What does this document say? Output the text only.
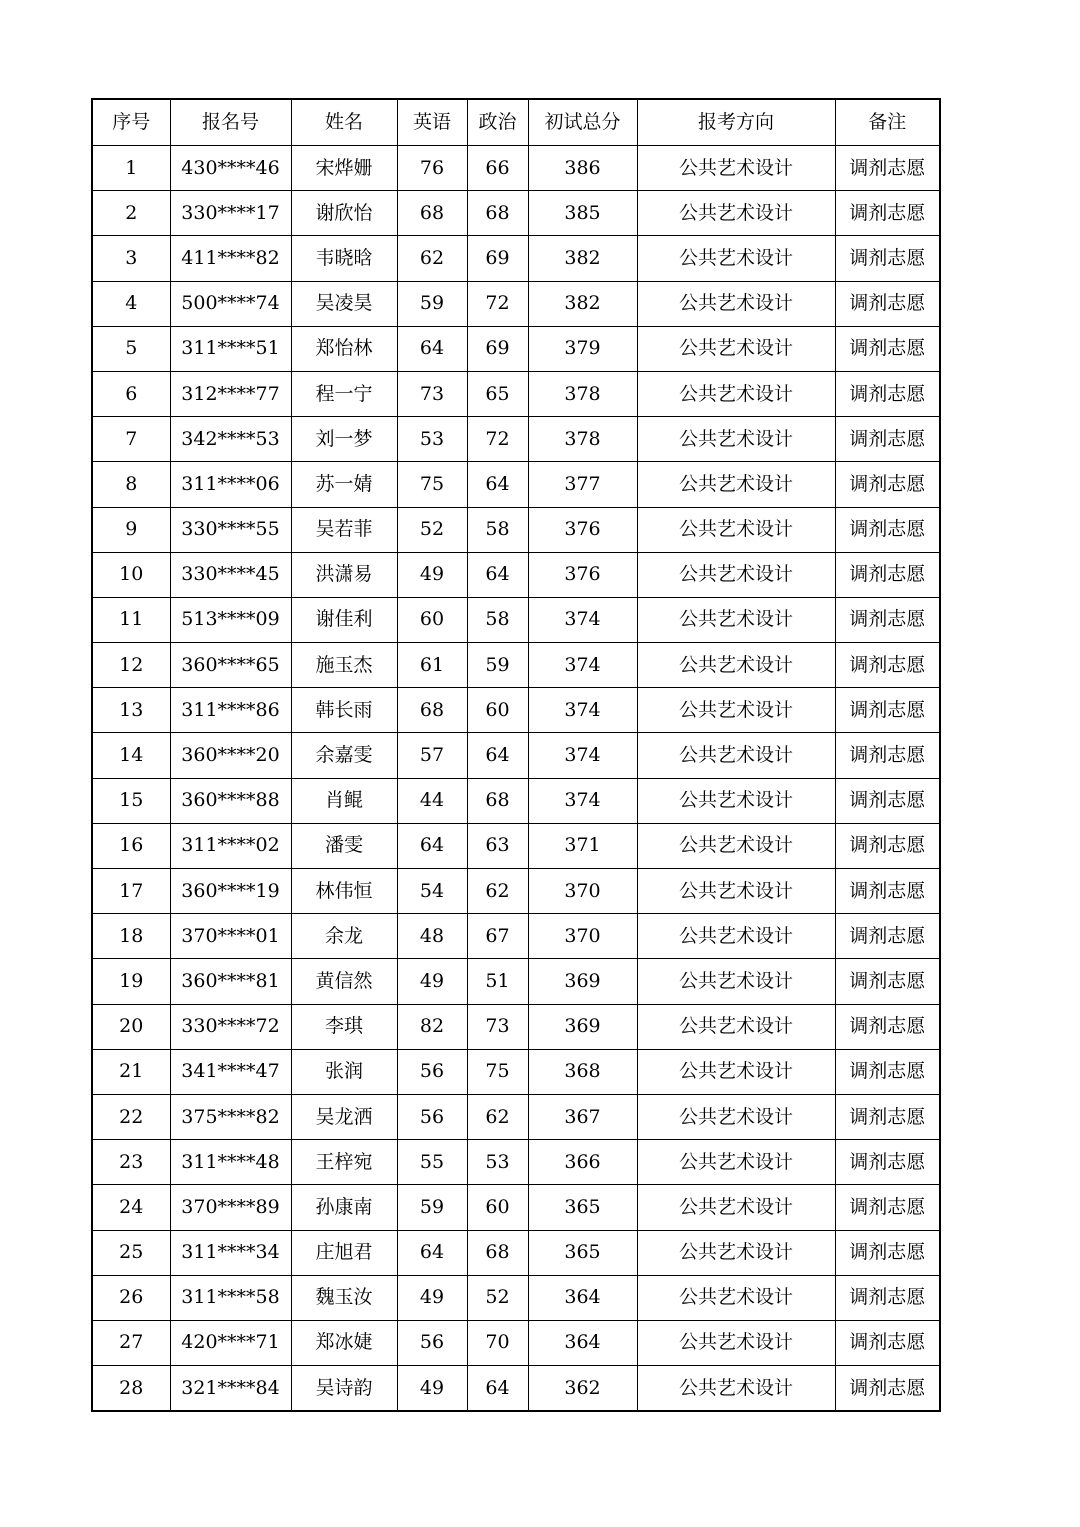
序号	报名号	姓名	英语	政治	初试总分	报考方向	备注
1	430****46	宋烨姗	76	66	386	公共艺术设计	调剂志愿
2	330****17	谢欣怡	68	68	385	公共艺术设计	调剂志愿
3	411****82	韦晓晗	62	69	382	公共艺术设计	调剂志愿
4	500****74	吴凌昊	59	72	382	公共艺术设计	调剂志愿
5	311****51	郑怡林	64	69	379	公共艺术设计	调剂志愿
6	312****77	程一宁	73	65	378	公共艺术设计	调剂志愿
7	342****53	刘一梦	53	72	378	公共艺术设计	调剂志愿
8	311****06	苏一婧	75	64	377	公共艺术设计	调剂志愿
9	330****55	吴若菲	52	58	376	公共艺术设计	调剂志愿
10	330****45	洪潇易	49	64	376	公共艺术设计	调剂志愿
11	513****09	谢佳利	60	58	374	公共艺术设计	调剂志愿
12	360****65	施玉杰	61	59	374	公共艺术设计	调剂志愿
13	311****86	韩长雨	68	60	374	公共艺术设计	调剂志愿
14	360****20	余嘉雯	57	64	374	公共艺术设计	调剂志愿
15	360****88	肖鲲	44	68	374	公共艺术设计	调剂志愿
16	311****02	潘雯	64	63	371	公共艺术设计	调剂志愿
17	360****19	林伟恒	54	62	370	公共艺术设计	调剂志愿
18	370****01	余龙	48	67	370	公共艺术设计	调剂志愿
19	360****81	黄信然	49	51	369	公共艺术设计	调剂志愿
20	330****72	李琪	82	73	369	公共艺术设计	调剂志愿
21	341****47	张润	56	75	368	公共艺术设计	调剂志愿
22	375****82	吴龙洒	56	62	367	公共艺术设计	调剂志愿
23	311****48	王梓宛	55	53	366	公共艺术设计	调剂志愿
24	370****89	孙康南	59	60	365	公共艺术设计	调剂志愿
25	311****34	庄旭君	64	68	365	公共艺术设计	调剂志愿
26	311****58	魏玉汝	49	52	364	公共艺术设计	调剂志愿
27	420****71	郑冰婕	56	70	364	公共艺术设计	调剂志愿
28	321****84	吴诗韵	49	64	362	公共艺术设计	调剂志愿
